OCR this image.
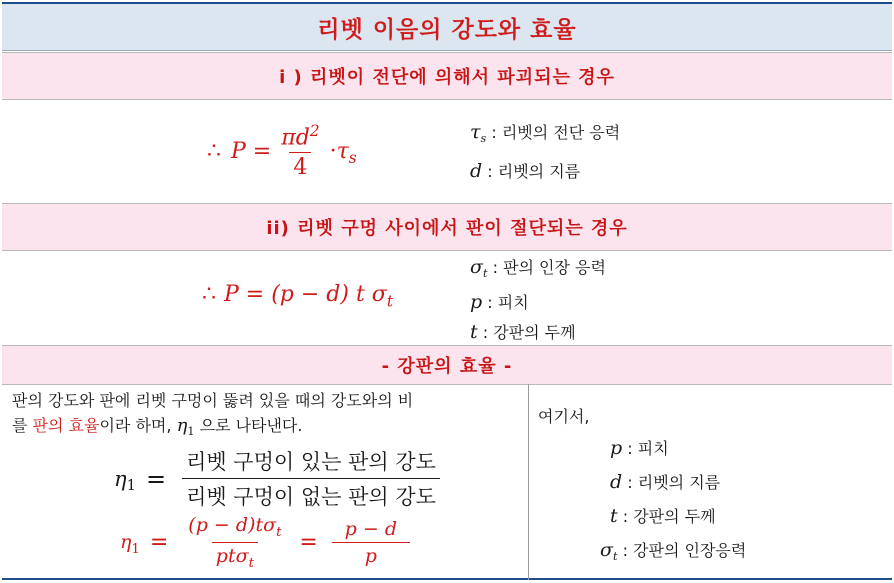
리벳 이음의 강도와 효율
i ) 리벳이 전단에 의해서 파괴되는 경우
∴ $P = \frac{\pi d^2}{4} \cdot \tau_s$
$\tau_s$ : 리벳의 전단 응력
d : 리벳의 지름
ii) 리벳 구멍 사이에서 판이 절단되는 경우
∴ P = (p − d) t $\sigma_t$
$\sigma_t$ : 판의 인장 응력
p : 피치
t : 강판의 두께
- 강판의 효율 -
판의 강도와 판에 리벳 구멍이 뚫려 있을 때의 강도와의 비
를 판의 효율이라 하며, $\eta_1$ 으로 나타낸다.
$\eta_1 = \frac{\text{리벳 구멍이 있는 판의 강도}}{\text{리벳 구멍이 없는 판의 강도}}$
$\eta_1 = \frac{(p - d)t\sigma_t}{pt\sigma_t} = \frac{p - d}{p}$
여기서,
p : 피치
d : 리벳의 지름
t : 강판의 두께
$\sigma_t$ : 강판의 인장응력
